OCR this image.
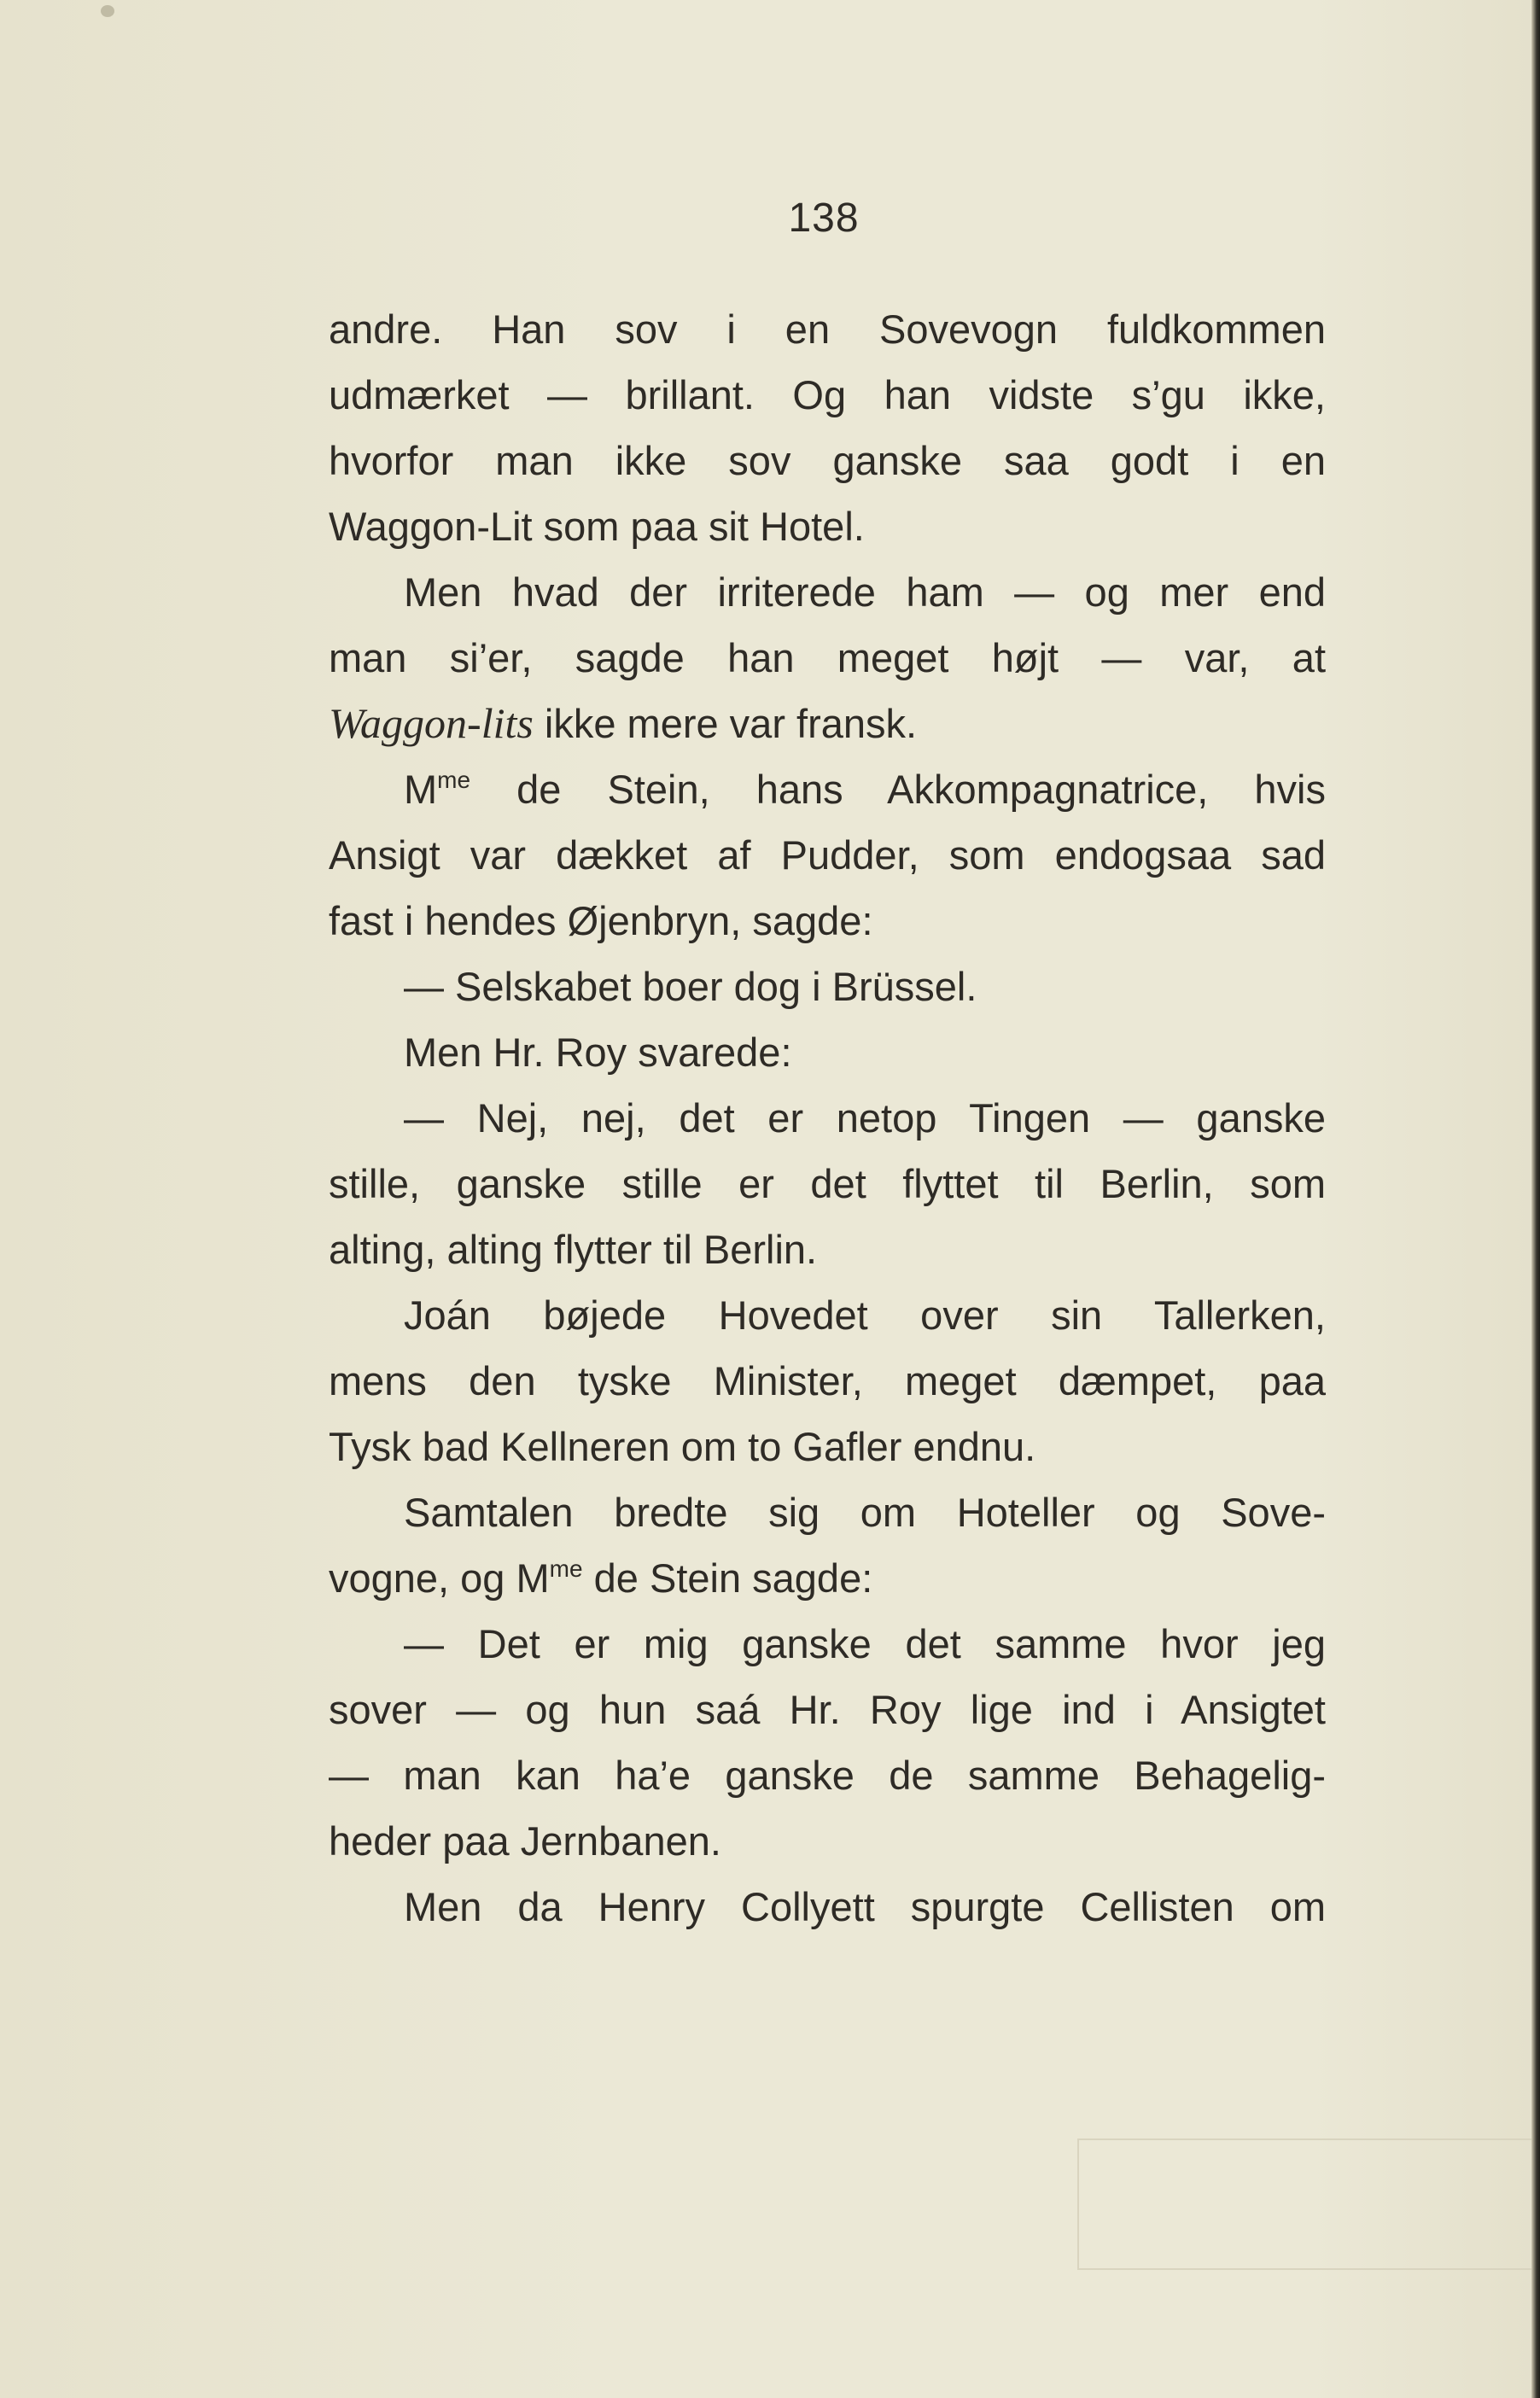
138
andre. Han sov i en Sovevogn fuldkommen
udmærket — brillant. Og han vidste s’gu ikke,
hvorfor man ikke sov ganske saa godt i en
Waggon-Lit som paa sit Hotel.
Men hvad der irriterede ham — og mer end
man si’er, sagde han meget højt — var, at
Waggon-lits ikke mere var fransk.
$M^{me}$ de Stein, hans Akkompagnatrice, hvis
Ansigt var dækket af Pudder, som endogsaa sad
fast i hendes Øjenbryn, sagde:
— Selskabet boer dog i Brüssel.
Men Hr. Roy svarede:
— Nej, nej, det er netop Tingen — ganske
stille, ganske stille er det flyttet til Berlin, som
alting, alting flytter til Berlin.
Joán bøjede Hovedet over sin Tallerken,
mens den tyske Minister, meget dæmpet, paa
Tysk bad Kellneren om to Gafler endnu.
Samtalen bredte sig om Hoteller og Sove-
vogne, og $M^{me}$ de Stein sagde:
— Det er mig ganske det samme hvor jeg
sover — og hun saá Hr. Roy lige ind i Ansigtet
— man kan ha’e ganske de samme Behagelig-
heder paa Jernbanen.
Men da Henry Collyett spurgte Cellisten om
